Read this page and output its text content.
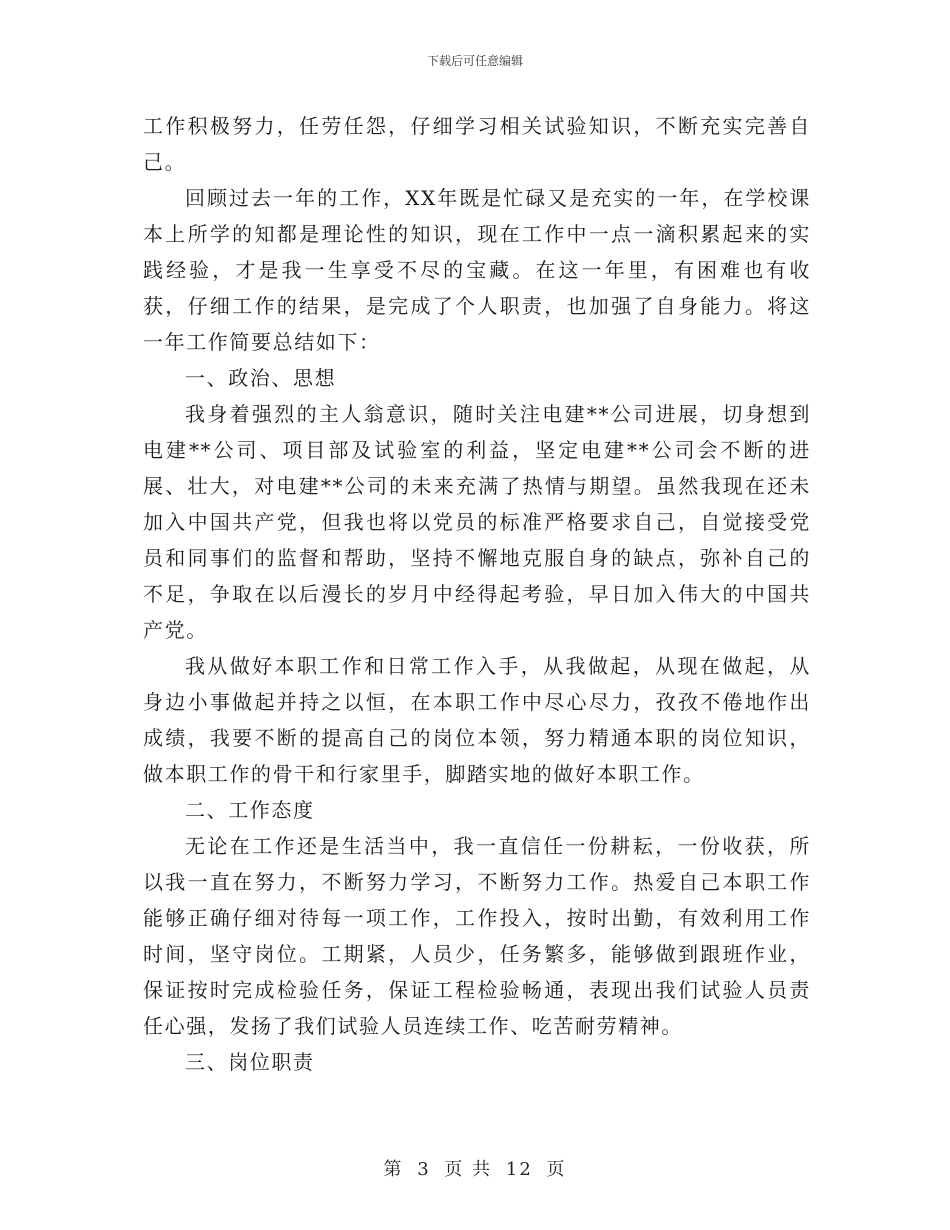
下载后可任意编辑

工作积极努力，任劳任怨，仔细学习相关试验知识，不断充实完善自己。

回顾过去一年的工作，XX年既是忙碌又是充实的一年，在学校课本上所学的知都是理论性的知识，现在工作中一点一滴积累起来的实践经验，才是我一生享受不尽的宝藏。在这一年里，有困难也有收获，仔细工作的结果，是完成了个人职责，也加强了自身能力。将这一年工作简要总结如下：

一、政治、思想

我身着强烈的主人翁意识，随时关注电建**公司进展，切身想到电建**公司、项目部及试验室的利益，坚定电建**公司会不断的进展、壮大，对电建**公司的未来充满了热情与期望。虽然我现在还未加入中国共产党，但我也将以党员的标准严格要求自己，自觉接受党员和同事们的监督和帮助，坚持不懈地克服自身的缺点，弥补自己的不足，争取在以后漫长的岁月中经得起考验，早日加入伟大的中国共产党。

我从做好本职工作和日常工作入手，从我做起，从现在做起，从身边小事做起并持之以恒，在本职工作中尽心尽力，孜孜不倦地作出成绩，我要不断的提高自己的岗位本领，努力精通本职的岗位知识，做本职工作的骨干和行家里手，脚踏实地的做好本职工作。

二、工作态度

无论在工作还是生活当中，我一直信任一份耕耘，一份收获，所以我一直在努力，不断努力学习，不断努力工作。热爱自己本职工作能够正确仔细对待每一项工作，工作投入，按时出勤，有效利用工作时间，坚守岗位。工期紧，人员少，任务繁多，能够做到跟班作业，保证按时完成检验任务，保证工程检验畅通，表现出我们试验人员责任心强，发扬了我们试验人员连续工作、吃苦耐劳精神。

三、岗位职责

第 3 页 共 12 页
